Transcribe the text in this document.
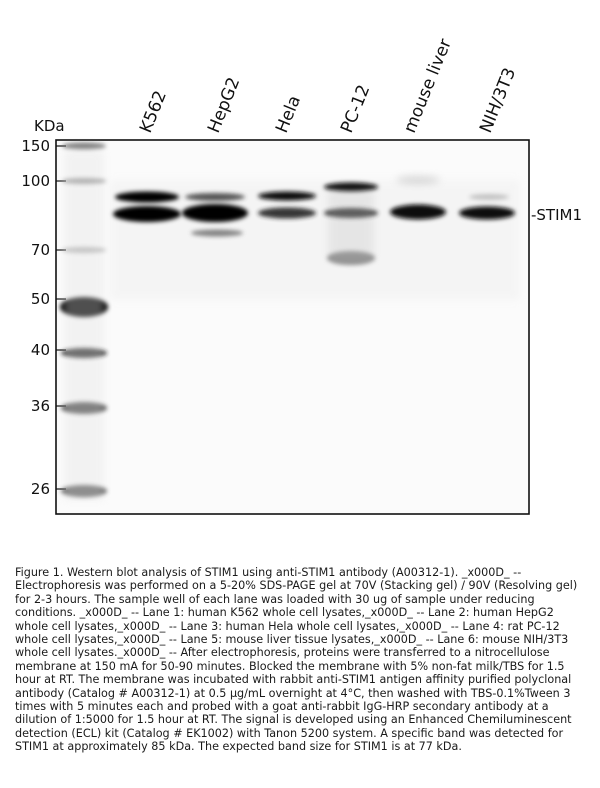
KDa	K562 HepG2 Hela PC-12 mouse liver NIH/3T3
150
100
70
50
40
36
26
-STIM1

Figure 1. Western blot analysis of STIM1 using anti-STIM1 antibody (A00312-1). _x000D_ -- Electrophoresis was performed on a 5-20% SDS-PAGE gel at 70V (Stacking gel) / 90V (Resolving gel) for 2-3 hours. The sample well of each lane was loaded with 30 ug of sample under reducing conditions. _x000D_ -- Lane 1: human K562 whole cell lysates,_x000D_ -- Lane 2: human HepG2 whole cell lysates,_x000D_ -- Lane 3: human Hela whole cell lysates,_x000D_ -- Lane 4: rat PC-12 whole cell lysates,_x000D_ -- Lane 5: mouse liver tissue lysates,_x000D_ -- Lane 6: mouse NIH/3T3 whole cell lysates._x000D_ -- After electrophoresis, proteins were transferred to a nitrocellulose membrane at 150 mA for 50-90 minutes. Blocked the membrane with 5% non-fat milk/TBS for 1.5 hour at RT. The membrane was incubated with rabbit anti-STIM1 antigen affinity purified polyclonal antibody (Catalog # A00312-1) at 0.5 μg/mL overnight at 4°C, then washed with TBS-0.1%Tween 3 times with 5 minutes each and probed with a goat anti-rabbit IgG-HRP secondary antibody at a dilution of 1:5000 for 1.5 hour at RT. The signal is developed using an Enhanced Chemiluminescent detection (ECL) kit (Catalog # EK1002) with Tanon 5200 system. A specific band was detected for STIM1 at approximately 85 kDa. The expected band size for STIM1 is at 77 kDa.
